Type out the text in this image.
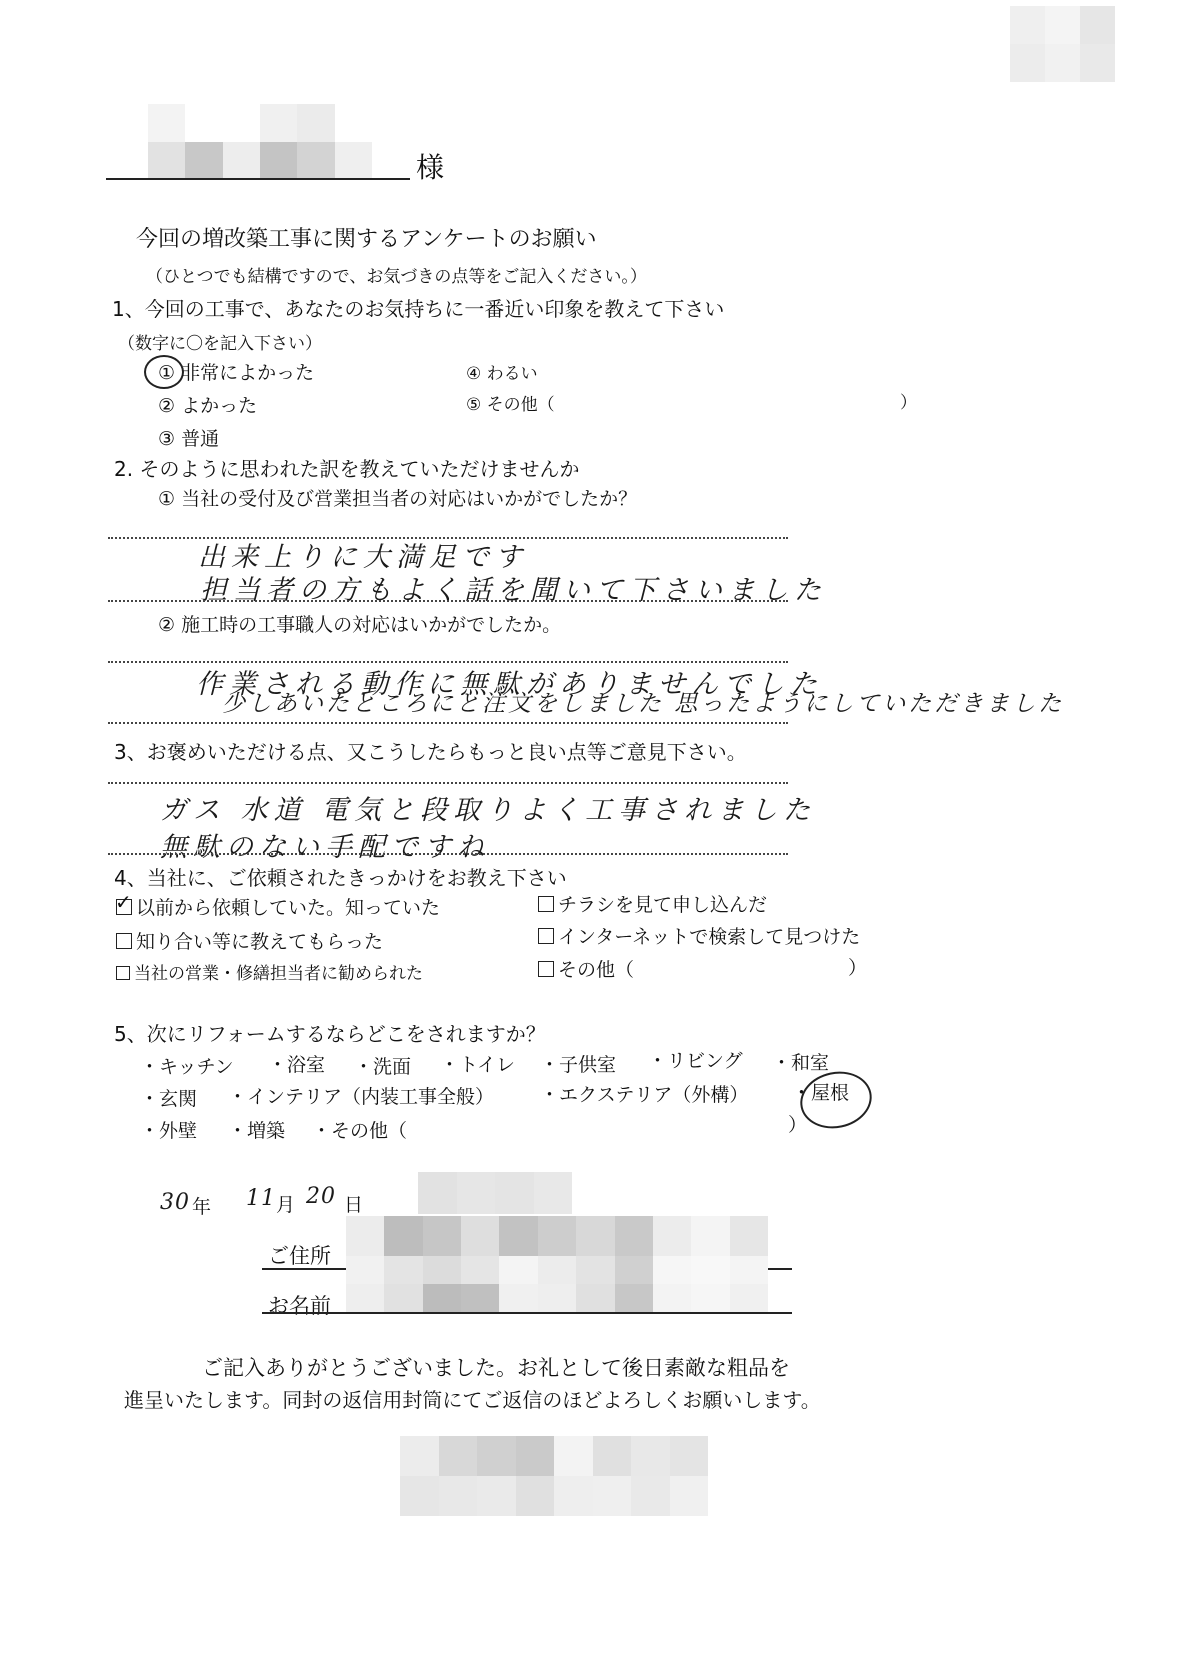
様
今回の増改築工事に関するアンケートのお願い
（ひとつでも結構ですので、お気づきの点等をご記入ください。）
1、今回の工事で、あなたのお気持ちに一番近い印象を教えて下さい
（数字に〇を記入下さい）
① 非常によかった
② よかった
③ 普通
④ わるい
⑤ その他（	）
2. そのように思われた訳を教えていただけませんか
① 当社の受付及び営業担当者の対応はいかがでしたか？
出来上りに大満足です
担当者の方もよく話を聞いて下さいました
② 施工時の工事職人の対応はいかがでしたか。
作業される動作に無駄がありませんでした
少しあいたところにと注文をしました 思ったようにしていただきました
3、お褒めいただける点、又こうしたらもっと良い点等ご意見下さい。
ガス 水道 電気と段取りよく工事されました
無駄のない手配ですね
4、当社に、ご依頼されたきっかけをお教え下さい
✓ 以前から依頼していた。知っていた
知り合い等に教えてもらった
当社の営業・修繕担当者に勧められた
チラシを見て申し込んだ
インターネットで検索して見つけた
その他（	）
5、次にリフォームするならどこをされますか？
・キッチン ・浴室 ・洗面 ・トイレ ・子供室 ・リビング ・和室
・玄関 ・インテリア（内装工事全般） ・エクステリア（外構） ・屋根
・外壁 ・増築 ・その他（	）
30 年 11 月 20 日
ご住所
お名前
ご記入ありがとうございました。お礼として後日素敵な粗品を
進呈いたします。同封の返信用封筒にてご返信のほどよろしくお願いします。
